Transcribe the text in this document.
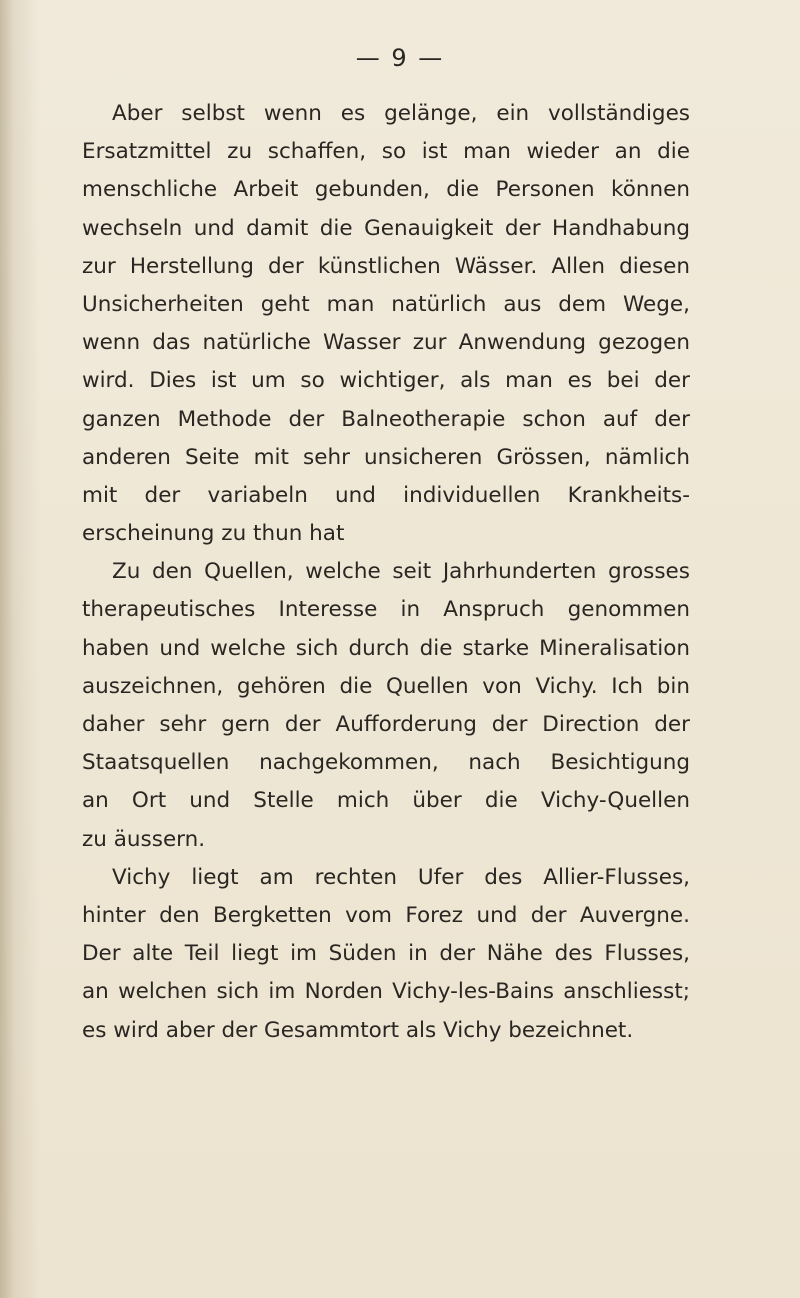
— 9 —
Aber selbst wenn es gelänge, ein vollständiges
Ersatzmittel zu schaffen, so ist man wieder an die
menschliche Arbeit gebunden, die Personen können
wechseln und damit die Genauigkeit der Handhabung
zur Herstellung der künstlichen Wässer. Allen diesen
Unsicherheiten geht man natürlich aus dem Wege,
wenn das natürliche Wasser zur Anwendung gezogen
wird. Dies ist um so wichtiger, als man es bei der
ganzen Methode der Balneotherapie schon auf der
anderen Seite mit sehr unsicheren Grössen, nämlich
mit der variabeln und individuellen Krankheits-
erscheinung zu thun hat
Zu den Quellen, welche seit Jahrhunderten grosses
therapeutisches Interesse in Anspruch genommen
haben und welche sich durch die starke Mineralisation
auszeichnen, gehören die Quellen von Vichy. Ich bin
daher sehr gern der Aufforderung der Direction der
Staatsquellen nachgekommen, nach Besichtigung
an Ort und Stelle mich über die Vichy-Quellen
zu äussern.
Vichy liegt am rechten Ufer des Allier-Flusses,
hinter den Bergketten vom Forez und der Auvergne.
Der alte Teil liegt im Süden in der Nähe des Flusses,
an welchen sich im Norden Vichy-les-Bains anschliesst;
es wird aber der Gesammtort als Vichy bezeichnet.
